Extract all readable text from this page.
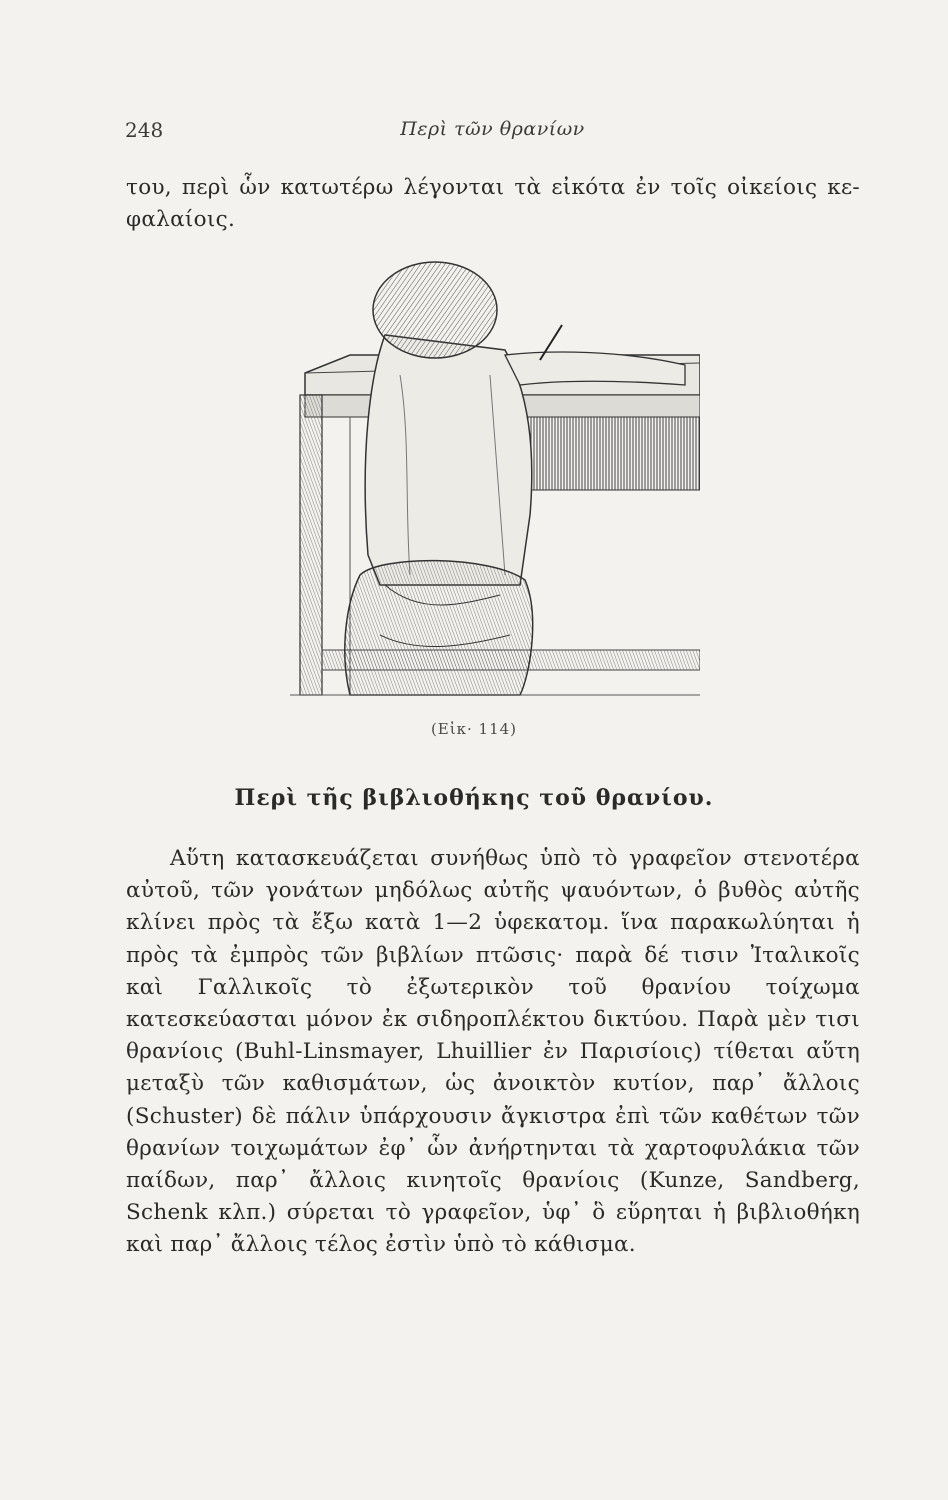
248	Περὶ τῶν θρανίων

του, περὶ ὧν κατωτέρω λέγονται τὰ εἰκότα ἐν τοῖς οἰκείοις κε-φαλαίοις.

(Εἰκ· 114)
Περὶ τῆς βιβλιοθήκης τοῦ θρανίου.

Αὕτη κατασκευάζεται συνήθως ὑπὸ τὸ γραφεῖον στενοτέρα αὐτοῦ, τῶν γονάτων μηδόλως αὐτῆς ψαυόντων, ὁ βυθὸς αὐτῆς κλίνει πρὸς τὰ ἔξω κατὰ 1—2 ὑφεκατομ. ἵνα παρακωλύηται ἡ πρὸς τὰ ἐμπρὸς τῶν βιβλίων πτῶσις· παρὰ δέ τισιν Ἰταλικοῖς καὶ Γαλλικοῖς τὸ ἐξωτερικὸν τοῦ θρανίου τοίχωμα κατεσκεύασται μόνον ἐκ σιδηροπλέκτου δικτύου. Παρὰ μὲν τισι θρανίοις (Buhl-Linsmayer, Lhuillier ἐν Παρισίοις) τίθεται αὕτη μεταξὺ τῶν καθισμάτων, ὡς ἀνοικτὸν κυτίον, παρ᾽ ἄλλοις (Schuster) δὲ πάλιν ὑπάρχουσιν ἄγκιστρα ἐπὶ τῶν καθέτων τῶν θρανίων τοιχωμάτων ἐφ᾽ ὧν ἀνήρτηνται τὰ χαρτοφυλάκια τῶν παίδων, παρ᾽ ἄλλοις κινητοῖς θρανίοις (Kunze, Sandberg, Schenk κλπ.) σύρεται τὸ γραφεῖον, ὑφ᾽ ὃ εὕρηται ἡ βιβλιοθήκη καὶ παρ᾽ ἄλλοις τέλος ἐστὶν ὑπὸ τὸ κάθισμα.
